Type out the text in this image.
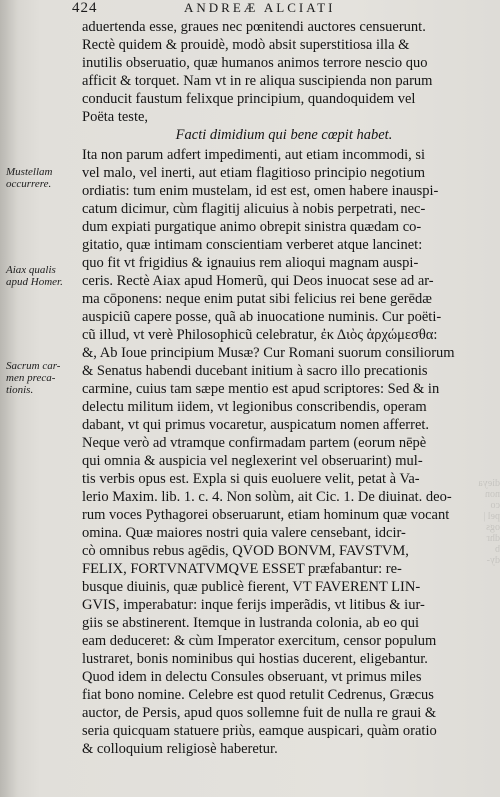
424	ANDREÆ ALCIATI
Mustellam
occurrere.
Aiax qualis
apud Homer.
Sacrum car-
men preca-
tionis.
aduertenda esse, graues nec pœnitendi auctores censuerunt.
Rectè quidem & prouidè, modò absit superstitiosa illa &
inutilis obseruatio, quæ humanos animos terrore nescio quo
afficit & torquet. Nam vt in re aliqua suscipienda non parum
conducit faustum felixque principium, quandoquidem vel
Poëta teste,
Facti dimidium qui bene cœpit habet.
Ita non parum adfert impedimenti, aut etiam incommodi, si
vel malo, vel inerti, aut etiam flagitioso principio negotium
ordiatis: tum enim mustelam, id est est, omen habere inauspi-
catum dicimur, cùm flagitij alicuius à nobis perpetrati, nec-
dum expiati purgatique animo obrepit sinistra quædam co-
gitatio, quæ intimam conscientiam verberet atque lancinet:
quo fit vt frigidius & ignauius rem alioqui magnam auspi-
ceris. Rectè Aiax apud Homerũ, qui Deos inuocat sese ad ar-
ma cōponens: neque enim putat sibi felicius rei bene gerēdæ
auspiciũ capere posse, quã ab inuocatione numinis. Cur poëti-
cũ illud, vt verè Philosophicũ celebratur, ἐκ Διὸς ἀρχώμεσθα:
&, Ab Ioue principium Musæ? Cur Romani suorum consiliorum
& Senatus habendi ducebant initium à sacro illo precationis
carmine, cuius tam sæpe mentio est apud scriptores: Sed & in
delectu militum iidem, vt legionibus conscribendis, operam
dabant, vt qui primus vocaretur, auspicatum nomen afferret.
Neque verò ad vtramque confirmadam partem (eorum nēpè
qui omnia & auspicia vel neglexerint vel obseruarint) mul-
tis verbis opus est. Expla si quis euoluere velit, petat à Va-
lerio Maxim. lib. 1. c. 4. Non solùm, ait Cic. 1. De diuinat. deo-
rum voces Pythagorei obseruarunt, etiam hominum quæ vocant
omina. Quæ maiores nostri quia valere censebant, idcir-
cò omnibus rebus agēdis, QVOD BONVM, FAVSTVM,
FELIX, FORTVNATVMQVE ESSET præfabantur: re-
busque diuinis, quæ publicè fierent, VT FAVERENT LIN-
GVIS, imperabatur: inque ferijs imperãdis, vt litibus & iur-
giis se abstinerent. Itemque in lustranda colonia, ab eo qui
eam deduceret: & cùm Imperator exercitum, censor populum
lustraret, bonis nominibus qui hostias ducerent, eligebantur.
Quod idem in delectu Consules obseruant, vt primus miles
fiat bono nomine. Celebre est quod retulit Cedrenus, Græcus
auctor, de Persis, apud quos sollemne fuit de nulla re graui &
seria quicquam statuere priùs, eamque auspicari, quàm oratio
& colloquium religiosè haberetur.
dieya
non co
pel |
ogs
dhr b
dy-
